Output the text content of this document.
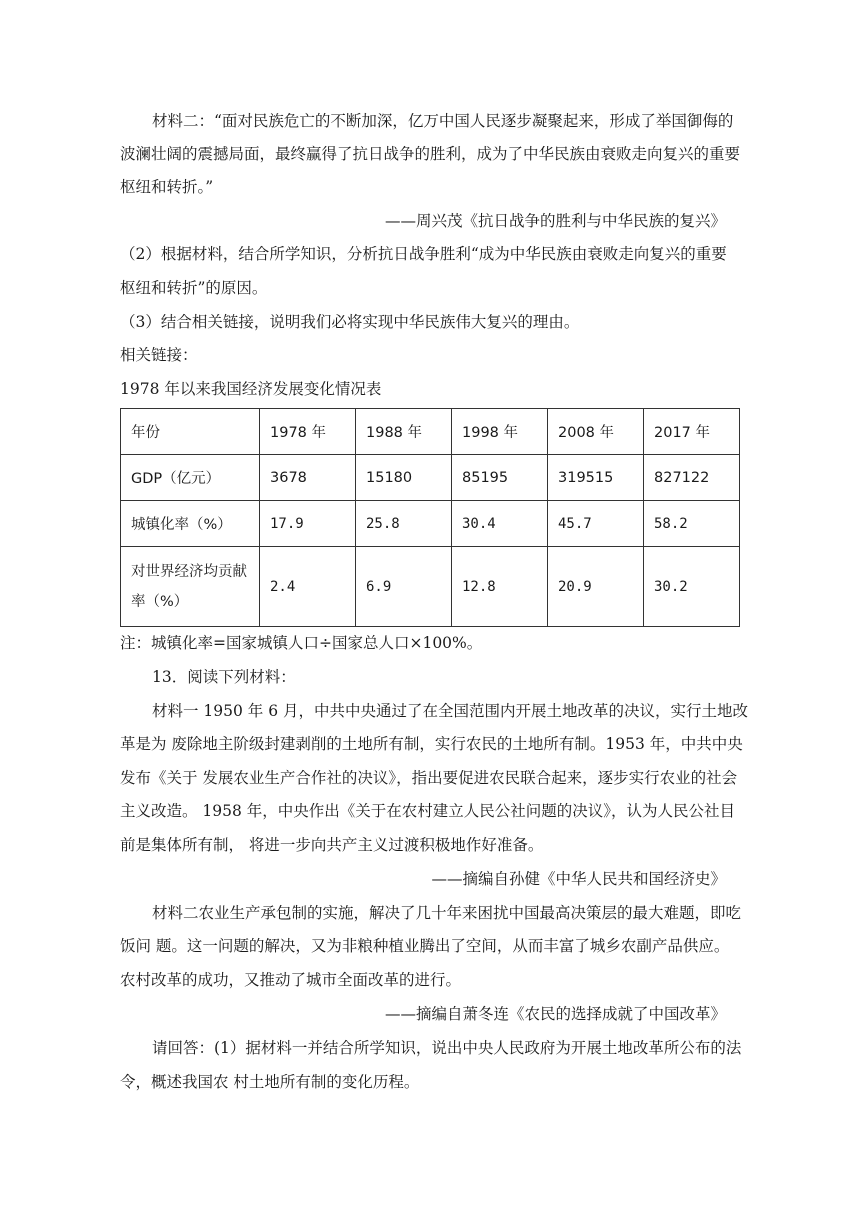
材料二：“面对民族危亡的不断加深，亿万中国人民逐步凝聚起来，形成了举国御侮的
波澜壮阔的震撼局面，最终赢得了抗日战争的胜利，成为了中华民族由衰败走向复兴的重要
枢纽和转折。”
——周兴茂《抗日战争的胜利与中华民族的复兴》
（2）根据材料，结合所学知识，分析抗日战争胜利“成为中华民族由衰败走向复兴的重要
枢纽和转折”的原因。
（3）结合相关链接，说明我们必将实现中华民族伟大复兴的理由。
相关链接：
1978 年以来我国经济发展变化情况表
年份	1978 年	1988 年	1998 年	2008 年	2017 年
GDP（亿元）	3678	15180	85195	319515	827122
城镇化率（%）	17.9	25.8	30.4	45.7	58.2
对世界经济均贡献率（%）	2.4	6.9	12.8	20.9	30.2
注：城镇化率=国家城镇人口÷国家总人口×100%。
13．阅读下列材料：
材料一 1950 年 6 月，中共中央通过了在全国范围内开展土地改革的决议，实行土地改
革是为 废除地主阶级封建剥削的土地所有制，实行农民的土地所有制。1953 年，中共中央
发布《关于 发展农业生产合作社的决议》，指出要促进农民联合起来，逐步实行农业的社会
主义改造。 1958 年，中央作出《关于在农村建立人民公社问题的决议》，认为人民公社目
前是集体所有制， 将进一步向共产主义过渡积极地作好准备。
——摘编自孙健《中华人民共和国经济史》
材料二农业生产承包制的实施，解决了几十年来困扰中国最高决策层的最大难题，即吃
饭问 题。这一问题的解决，又为非粮种植业腾出了空间，从而丰富了城乡农副产品供应。
农村改革的成功，又推动了城市全面改革的进行。
——摘编自萧冬连《农民的选择成就了中国改革》
请回答：(1）据材料一并结合所学知识，说出中央人民政府为开展土地改革所公布的法
令，概述我国农 村土地所有制的变化历程。
